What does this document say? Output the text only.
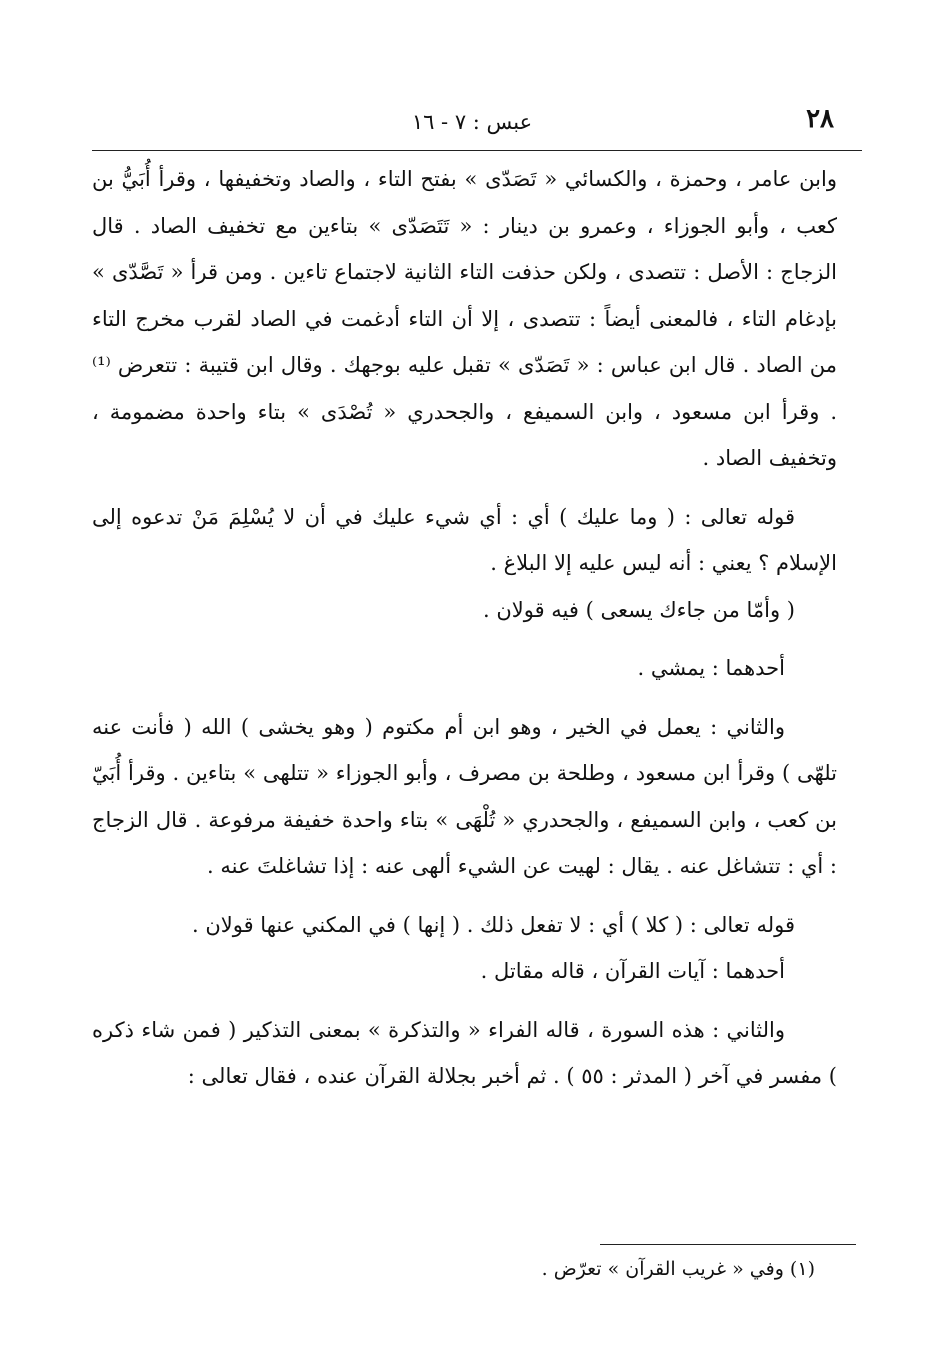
٢٨
عبس : ٧ - ١٦

وابن عامر ، وحمزة ، والكسائي « تَصَدّى » بفتح التاء ، والصاد وتخفيفها ، وقرأ أُبَيُّ بن كعب ، وأبو الجوزاء ، وعمرو بن دينار : « تَتَصَدّى » بتاءين مع تخفيف الصاد . قال الزجاج : الأصل : تتصدى ، ولكن حذفت التاء الثانية لاجتماع تاءين . ومن قرأ « تَصَّدّى » بإدغام التاء ، فالمعنى أيضاً : تتصدى ، إلا أن التاء أدغمت في الصاد لقرب مخرج التاء من الصاد . قال ابن عباس : « تَصَدّى » تقبل عليه بوجهك . وقال ابن قتيبة : تتعرض ⁽¹⁾ . وقرأ ابن مسعود ، وابن السميفع ، والجحدري « تُصْدَى » بتاء واحدة مضمومة ، وتخفيف الصاد .

قوله تعالى : ( وما عليك ) أي : أي شيء عليك في أن لا يُسْلِمَ مَنْ تدعوه إلى الإسلام ؟ يعني : أنه ليس عليه إلا البلاغ .

( وأمّا من جاءك يسعى ) فيه قولان .

أحدهما : يمشي .

والثاني : يعمل في الخير ، وهو ابن أم مكتوم ( وهو يخشى ) الله ( فأنت عنه تلهّى ) وقرأ ابن مسعود ، وطلحة بن مصرف ، وأبو الجوزاء « تتلهى » بتاءين . وقرأ أُبَيّ بن كعب ، وابن السميفع ، والجحدري « تُلْهَى » بتاء واحدة خفيفة مرفوعة . قال الزجاج : أي : تتشاغل عنه . يقال : لهيت عن الشيء ألهى عنه : إذا تشاغلتَ عنه .

قوله تعالى : ( كلا ) أي : لا تفعل ذلك . ( إنها ) في المكني عنها قولان .

أحدهما : آيات القرآن ، قاله مقاتل .

والثاني : هذه السورة ، قاله الفراء « والتذكرة » بمعنى التذكير ( فمن شاء ذكره ) مفسر في آخر ( المدثر : ٥٥ ) . ثم أخبر بجلالة القرآن عنده ، فقال تعالى :

(١) وفي « غريب القرآن » تعرّض .
